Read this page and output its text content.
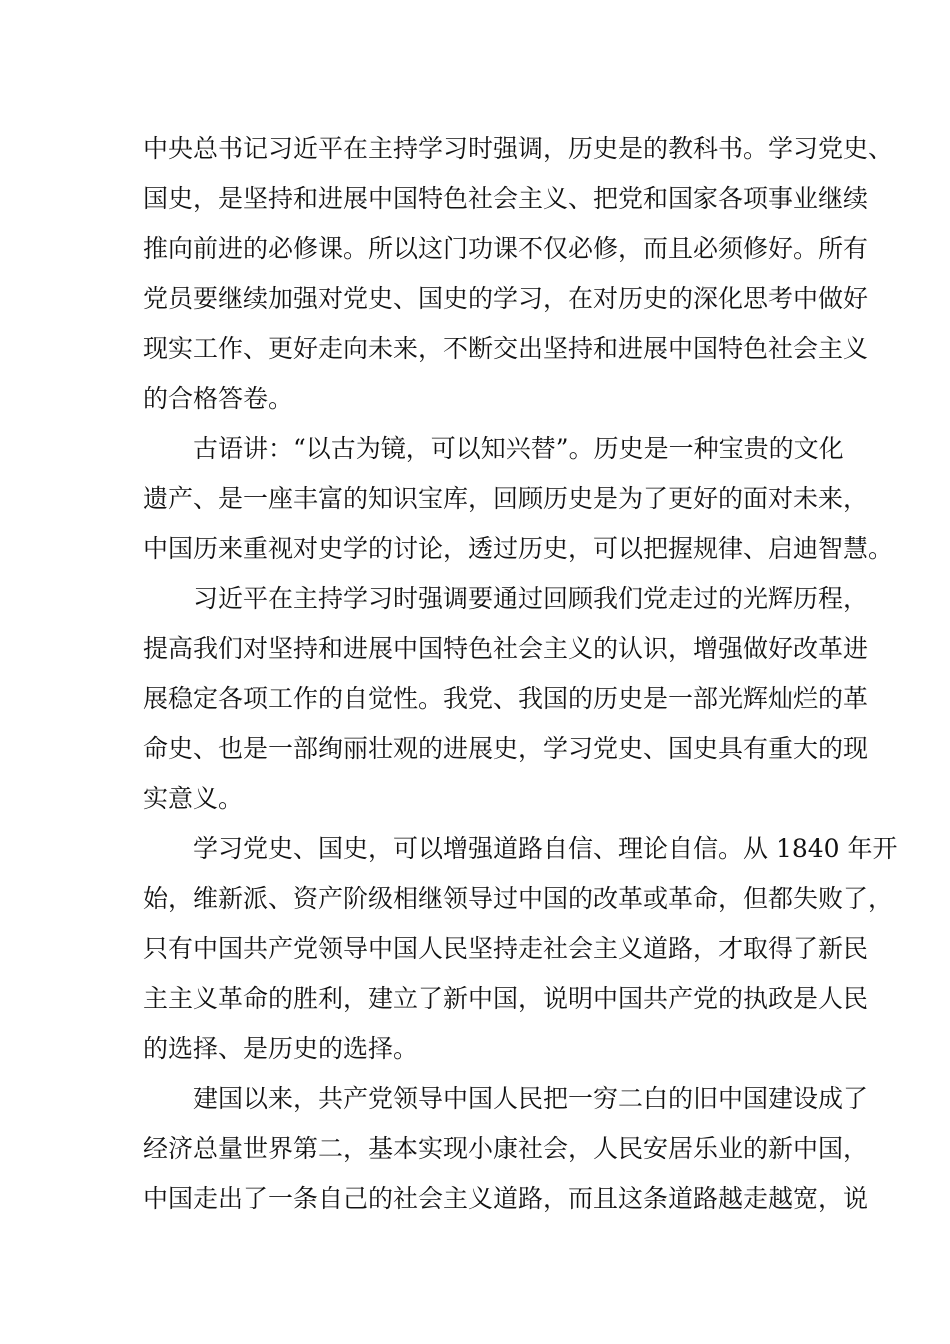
中央总书记习近平在主持学习时强调，历史是的教科书。学习党史、
国史，是坚持和进展中国特色社会主义、把党和国家各项事业继续
推向前进的必修课。所以这门功课不仅必修，而且必须修好。所有
党员要继续加强对党史、国史的学习，在对历史的深化思考中做好
现实工作、更好走向未来，不断交出坚持和进展中国特色社会主义
的合格答卷。
古语讲：“以古为镜，可以知兴替”。历史是一种宝贵的文化
遗产、是一座丰富的知识宝库，回顾历史是为了更好的面对未来，
中国历来重视对史学的讨论，透过历史，可以把握规律、启迪智慧。
习近平在主持学习时强调要通过回顾我们党走过的光辉历程，
提高我们对坚持和进展中国特色社会主义的认识，增强做好改革进
展稳定各项工作的自觉性。我党、我国的历史是一部光辉灿烂的革
命史、也是一部绚丽壮观的进展史，学习党史、国史具有重大的现
实意义。
学习党史、国史，可以增强道路自信、理论自信。从 1840 年开
始，维新派、资产阶级相继领导过中国的改革或革命，但都失败了，
只有中国共产党领导中国人民坚持走社会主义道路，才取得了新民
主主义革命的胜利，建立了新中国，说明中国共产党的执政是人民
的选择、是历史的选择。
建国以来，共产党领导中国人民把一穷二白的旧中国建设成了
经济总量世界第二，基本实现小康社会，人民安居乐业的新中国，
中国走出了一条自己的社会主义道路，而且这条道路越走越宽，说
